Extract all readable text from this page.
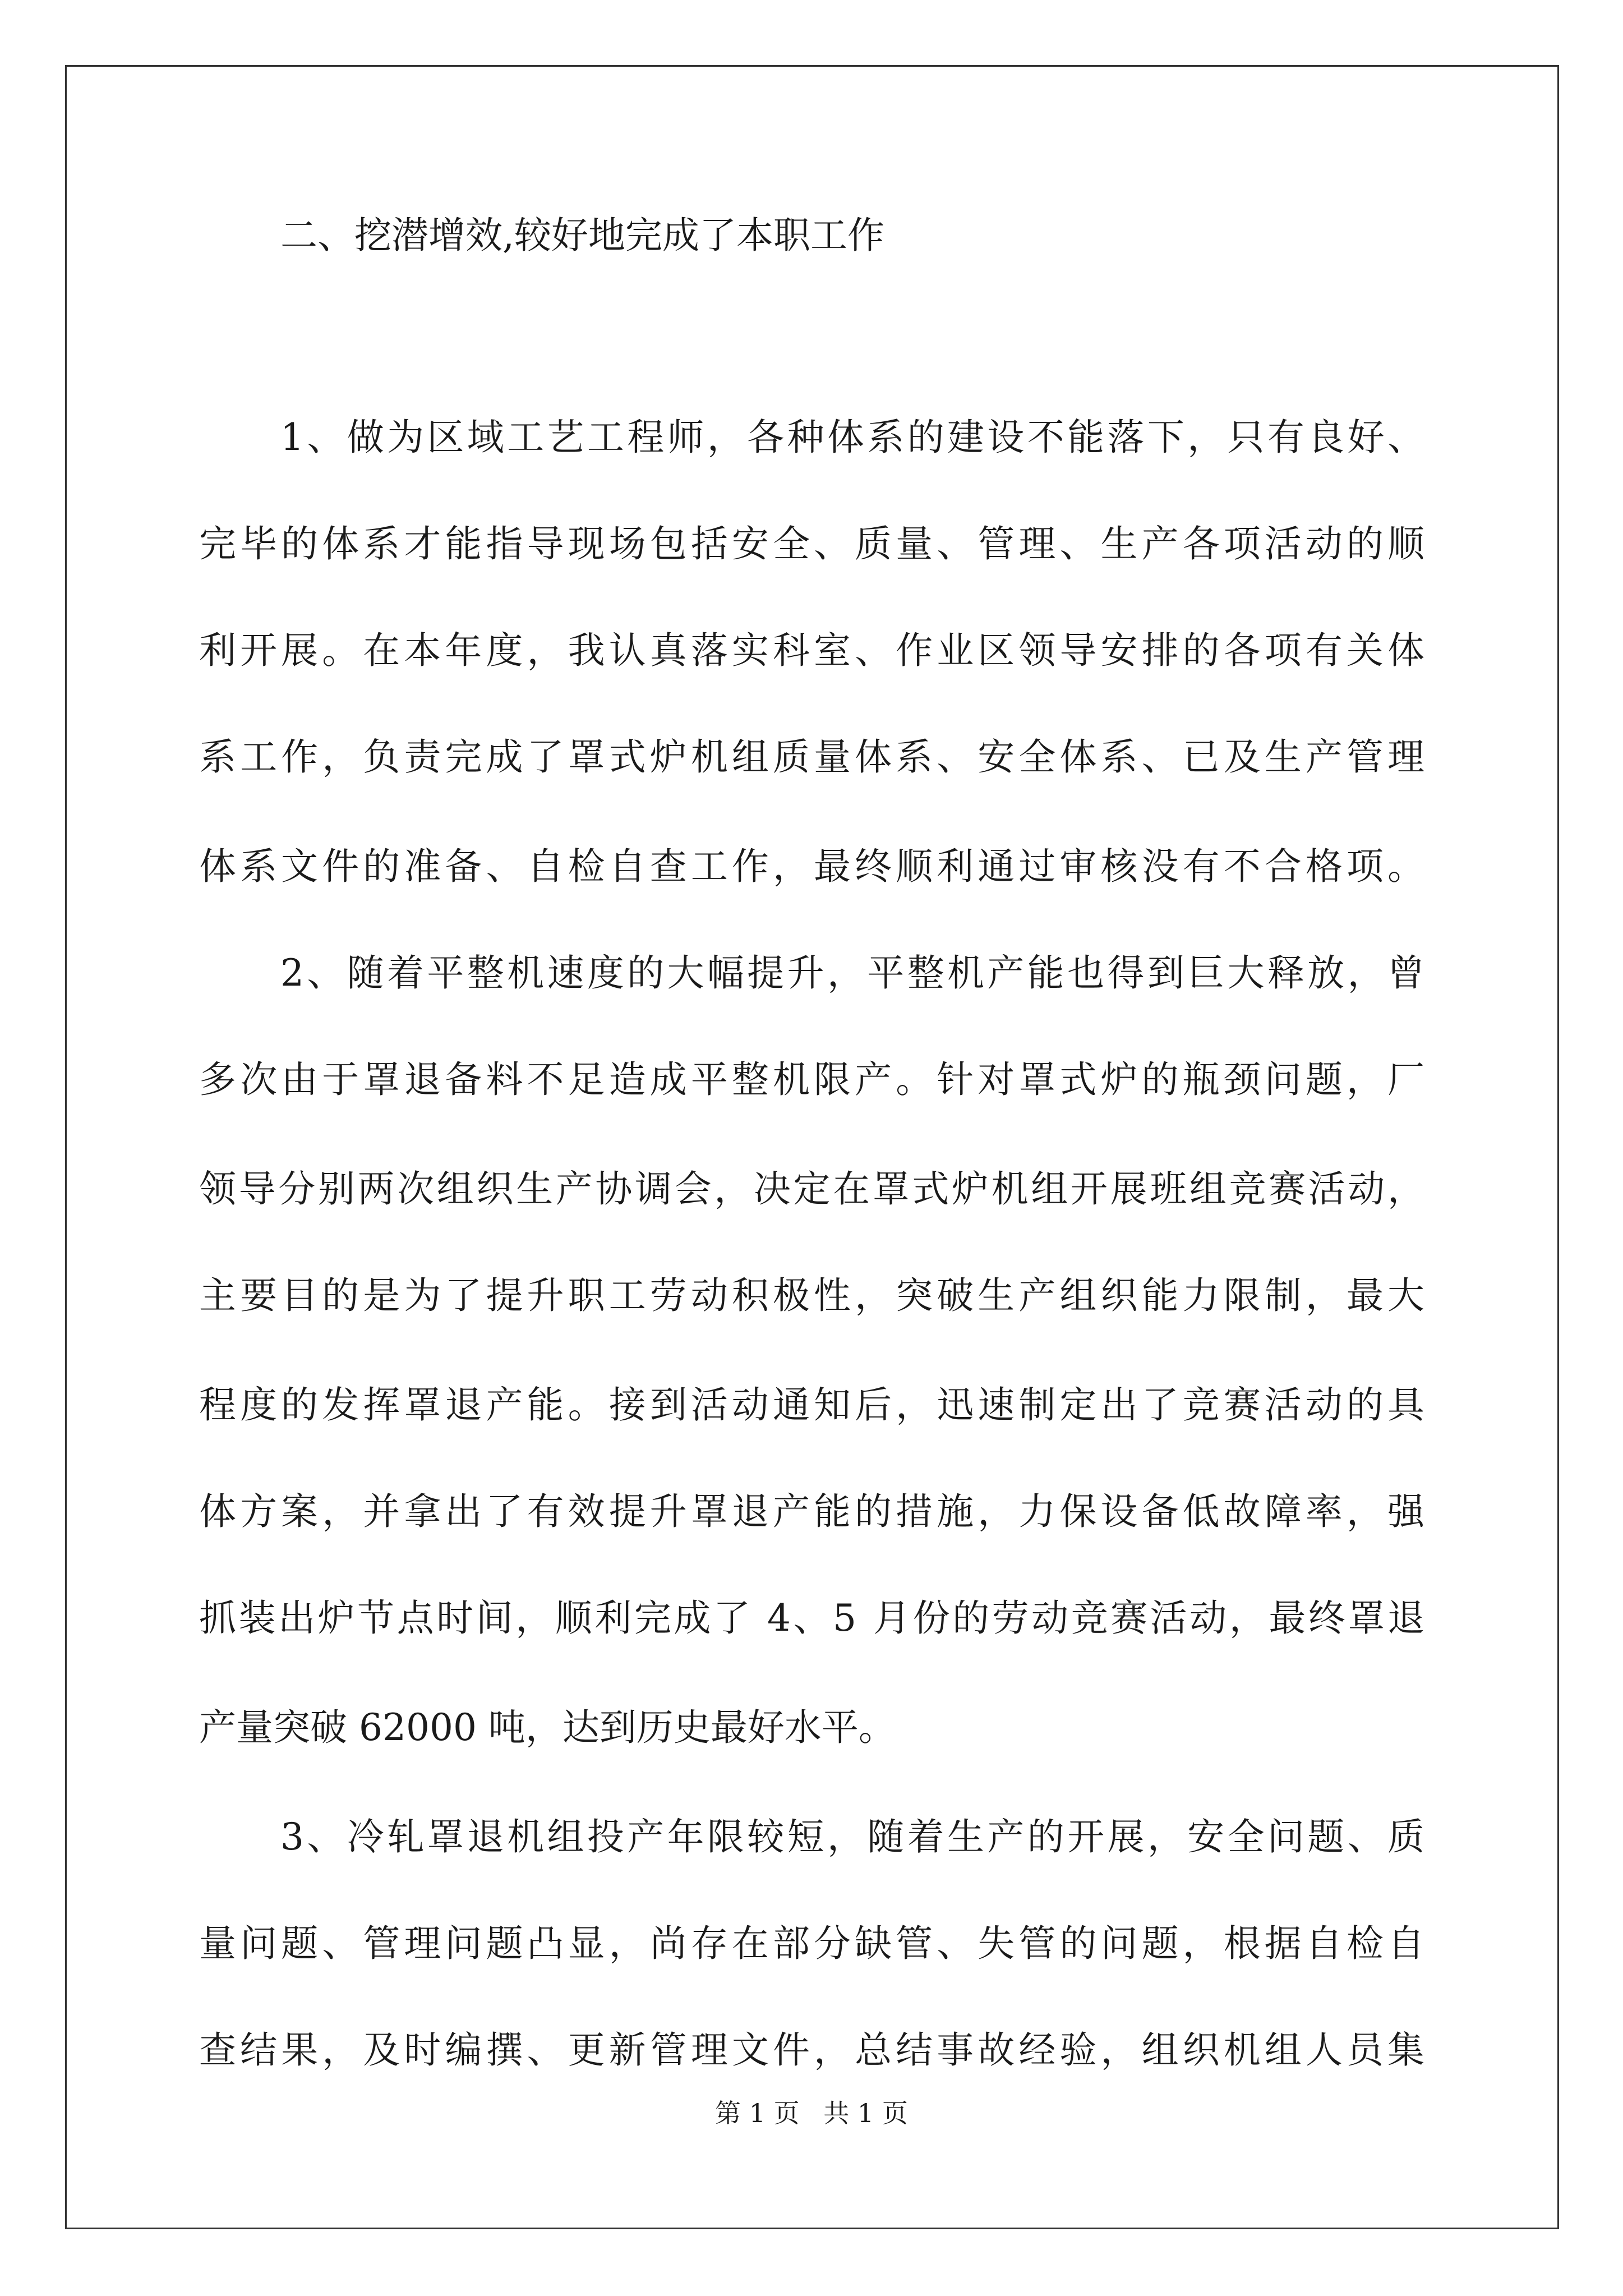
二、挖潜增效,较好地完成了本职工作
1、做为区域工艺工程师，各种体系的建设不能落下，只有良好、
完毕的体系才能指导现场包括安全、质量、管理、生产各项活动的顺
利开展。在本年度，我认真落实科室、作业区领导安排的各项有关体
系工作，负责完成了罩式炉机组质量体系、安全体系、已及生产管理
体系文件的准备、自检自查工作，最终顺利通过审核没有不合格项。
2、随着平整机速度的大幅提升，平整机产能也得到巨大释放，曾
多次由于罩退备料不足造成平整机限产。针对罩式炉的瓶颈问题，厂
领导分别两次组织生产协调会，决定在罩式炉机组开展班组竞赛活动，
主要目的是为了提升职工劳动积极性，突破生产组织能力限制，最大
程度的发挥罩退产能。接到活动通知后，迅速制定出了竞赛活动的具
体方案，并拿出了有效提升罩退产能的措施，力保设备低故障率，强
抓装出炉节点时间，顺利完成了 4、5 月份的劳动竞赛活动，最终罩退
产量突破 62000 吨，达到历史最好水平。
3、冷轧罩退机组投产年限较短，随着生产的开展，安全问题、质
量问题、管理问题凸显，尚存在部分缺管、失管的问题，根据自检自
查结果，及时编撰、更新管理文件，总结事故经验，组织机组人员集
第 1 页 共 1 页
